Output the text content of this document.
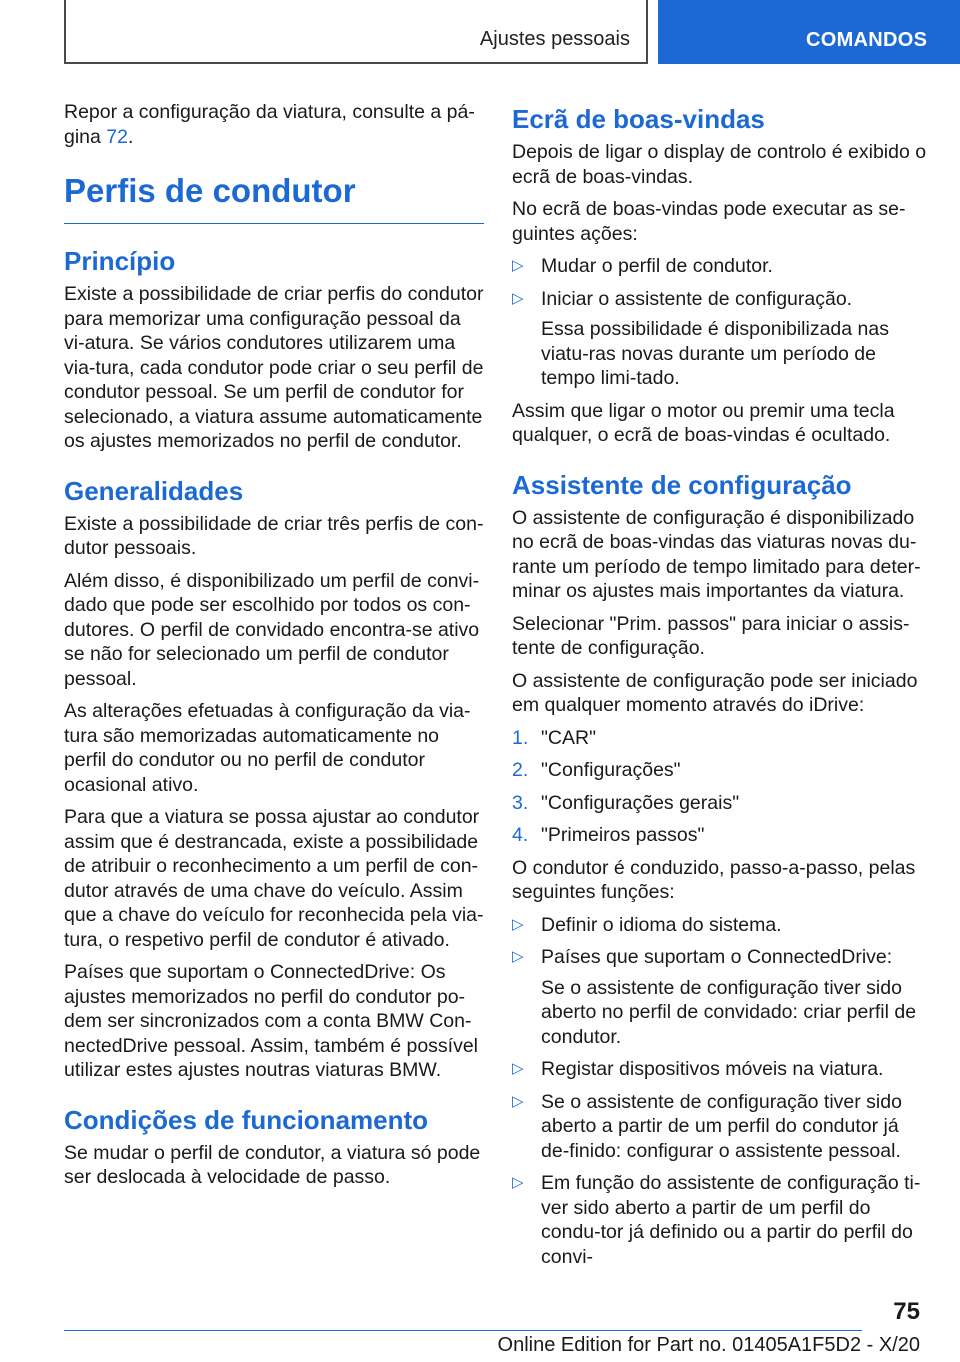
Ajustes pessoais	COMANDOS

Repor a configuração da viatura, consulte a pá-gina 72.

Perfis de condutor
Princípio

Existe a possibilidade de criar perfis do condutor para memorizar uma configuração pessoal da vi-atura. Se vários condutores utilizarem uma via-tura, cada condutor pode criar o seu perfil de condutor pessoal. Se um perfil de condutor for selecionado, a viatura assume automaticamente os ajustes memorizados no perfil de condutor.

Generalidades

Existe a possibilidade de criar três perfis de con-dutor pessoais.

Além disso, é disponibilizado um perfil de convi-dado que pode ser escolhido por todos os con-dutores. O perfil de convidado encontra-se ativo se não for selecionado um perfil de condutor pessoal.

As alterações efetuadas à configuração da via-tura são memorizadas automaticamente no perfil do condutor ou no perfil de condutor ocasional ativo.

Para que a viatura se possa ajustar ao condutor assim que é destrancada, existe a possibilidade de atribuir o reconhecimento a um perfil de con-dutor através de uma chave do veículo. Assim que a chave do veículo for reconhecida pela via-tura, o respetivo perfil de condutor é ativado.

Países que suportam o ConnectedDrive: Os ajustes memorizados no perfil do condutor po-dem ser sincronizados com a conta BMW Con-nectedDrive pessoal. Assim, também é possível utilizar estes ajustes noutras viaturas BMW.

Condições de funcionamento

Se mudar o perfil de condutor, a viatura só pode ser deslocada à velocidade de passo.

Ecrã de boas-vindas

Depois de ligar o display de controlo é exibido o ecrã de boas-vindas.

No ecrã de boas-vindas pode executar as se-guintes ações:

▷ Mudar o perfil de condutor.
▷ Iniciar o assistente de configuração.

Essa possibilidade é disponibilizada nas viatu-ras novas durante um período de tempo limi-tado.

Assim que ligar o motor ou premir uma tecla qualquer, o ecrã de boas-vindas é ocultado.

Assistente de configuração

O assistente de configuração é disponibilizado no ecrã de boas-vindas das viaturas novas du-rante um período de tempo limitado para deter-minar os ajustes mais importantes da viatura.

Selecionar "Prim. passos" para iniciar o assis-tente de configuração.

O assistente de configuração pode ser iniciado em qualquer momento através do iDrive:

1. "CAR"
2. "Configurações"
3. "Configurações gerais"
4. "Primeiros passos"

O condutor é conduzido, passo-a-passo, pelas seguintes funções:

▷ Definir o idioma do sistema.
▷ Países que suportam o ConnectedDrive:

Se o assistente de configuração tiver sido aberto no perfil de convidado: criar perfil de condutor.

▷ Registar dispositivos móveis na viatura.
▷ Se o assistente de configuração tiver sido aberto a partir de um perfil do condutor já de-finido: configurar o assistente pessoal.
▷ Em função do assistente de configuração ti-ver sido aberto a partir de um perfil do condu-tor já definido ou a partir do perfil do convi-
75
Online Edition for Part no. 01405A1F5D2 - X/20
